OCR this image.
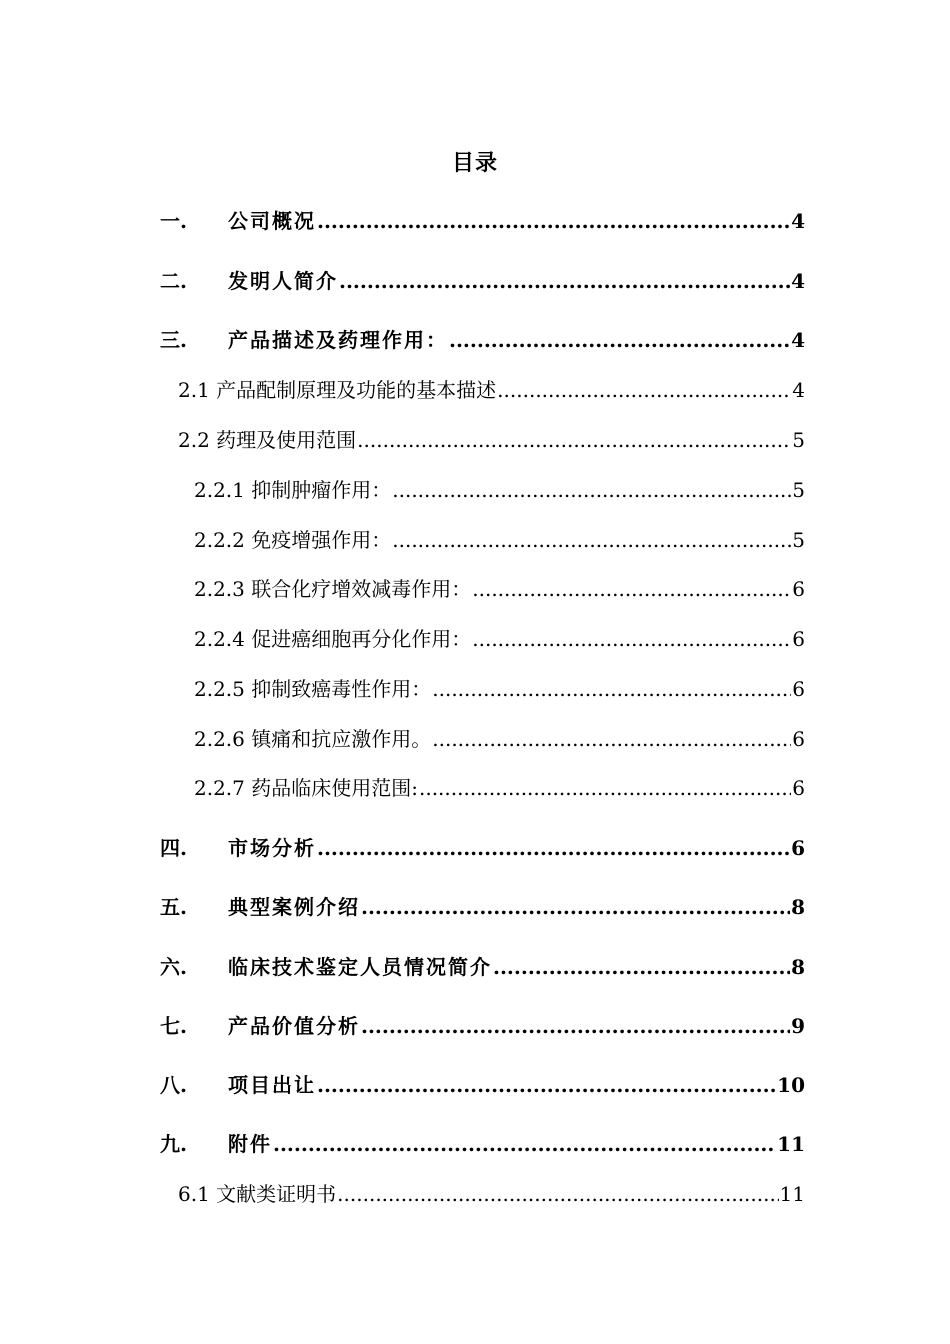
目录
一.	公司概况 .....	4
二.	发明人简介 .....	4
三.	产品描述及药理作用： .....	4
2.1 产品配制原理及功能的基本描述 .....	4
2.2 药理及使用范围 .....	5
2.2.1 抑制肿瘤作用： .....	5
2.2.2 免疫增强作用： .....	5
2.2.3 联合化疗增效减毒作用： .....	6
2.2.4 促进癌细胞再分化作用： .....	6
2.2.5 抑制致癌毒性作用： .....	6
2.2.6 镇痛和抗应激作用。 .....	6
2.2.7 药品临床使用范围: .....	6
四.	市场分析 .....	6
五.	典型案例介绍 .....	8
六.	临床技术鉴定人员情况简介 .....	8
七.	产品价值分析 .....	9
八.	项目出让 .....	10
九.	附件 .....	11
6.1 文献类证明书 .....	11
